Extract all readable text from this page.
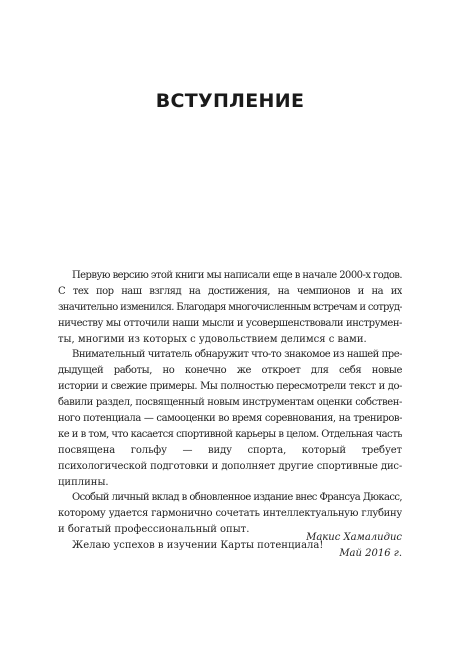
ВСТУПЛЕНИЕ

Первую версию этой книги мы написали еще в начале 2000-х годов.
С тех пор наш взгляд на достижения, на чемпионов и на их
значительно изменился. Благодаря многочисленным встречам и сотруд-
ничеству мы отточили наши мысли и усовершенствовали инструмен-
ты, многими из которых с удовольствием делимся с вами.

Внимательный читатель обнаружит что-то знакомое из нашей пре-
дыдущей работы, но конечно же откроет для себя новые
истории и свежие примеры. Мы полностью пересмотрели текст и до-
бавили раздел, посвященный новым инструментам оценки собствен-
ного потенциала — самооценки во время соревнования, на трениров-
ке и в том, что касается спортивной карьеры в целом. Отдельная часть
посвящена гольфу — виду спорта, который требует
психологической подготовки и дополняет другие спортивные дис-
циплины.

Особый личный вклад в обновленное издание внес Франсуа Дюкасс,
которому удается гармонично сочетать интеллектуальную глубину
и богатый профессиональный опыт.

Желаю успехов в изучении Карты потенциала!

Макис Хамалидис
Май 2016 г.
